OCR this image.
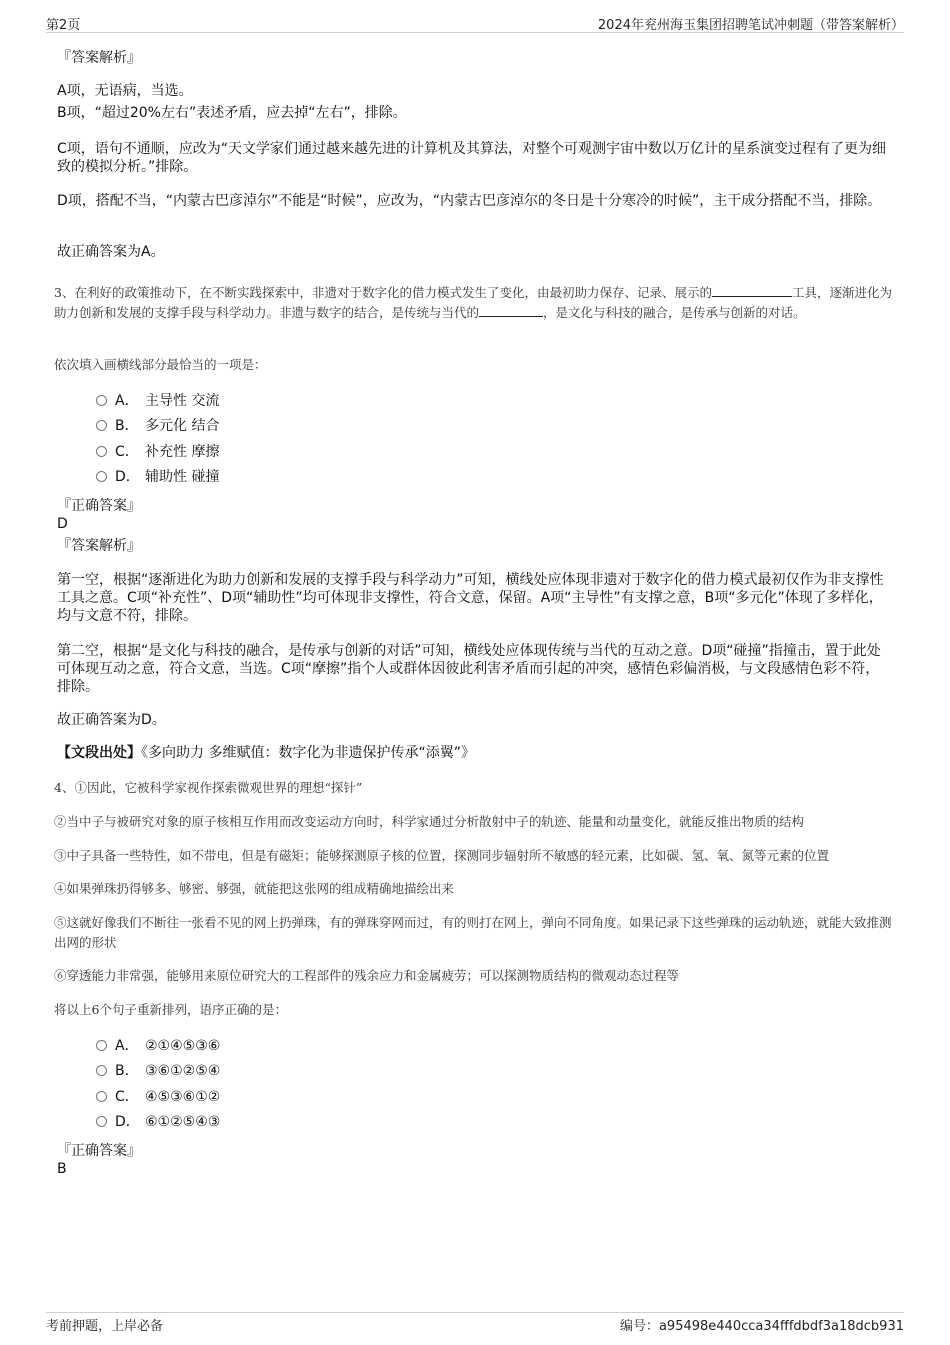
第2页	2024年兖州海玉集团招聘笔试冲刺题（带答案解析）
『答案解析』
A项，无语病，当选。
B项，“超过20%左右”表述矛盾，应去掉“左右”，排除。
C项，语句不通顺，应改为“天文学家们通过越来越先进的计算机及其算法，对整个可观测宇宙中数以万亿计的星系演变过程有了更为细致的模拟分析。”排除。
D项，搭配不当，“内蒙古巴彦淖尔”不能是“时候”，应改为，“内蒙古巴彦淖尔的冬日是十分寒冷的时候”，主干成分搭配不当，排除。
故正确答案为A。
3、在利好的政策推动下，在不断实践探索中，非遗对于数字化的借力模式发生了变化，由最初助力保存、记录、展示的	工具，逐渐进化为助力创新和发展的支撑手段与科学动力。非遗与数字的结合，是传统与当代的	，是文化与科技的融合，是传承与创新的对话。
依次填入画横线部分最恰当的一项是：
A． 主导性 交流
B． 多元化 结合
C． 补充性 摩擦
D． 辅助性 碰撞
『正确答案』
D
『答案解析』
第一空，根据“逐渐进化为助力创新和发展的支撑手段与科学动力”可知，横线处应体现非遗对于数字化的借力模式最初仅作为非支撑性工具之意。C项“补充性”、D项“辅助性”均可体现非支撑性，符合文意，保留。A项“主导性”有支撑之意，B项“多元化”体现了多样化，均与文意不符，排除。
第二空，根据“是文化与科技的融合，是传承与创新的对话”可知，横线处应体现传统与当代的互动之意。D项“碰撞”指撞击，置于此处可体现互动之意，符合文意，当选。C项“摩擦”指个人或群体因彼此利害矛盾而引起的冲突，感情色彩偏消极，与文段感情色彩不符，排除。
故正确答案为D。
【文段出处】《多向助力 多维赋值：数字化为非遗保护传承“添翼”》
4、①因此，它被科学家视作探索微观世界的理想“探针”
②当中子与被研究对象的原子核相互作用而改变运动方向时，科学家通过分析散射中子的轨迹、能量和动量变化，就能反推出物质的结构
③中子具备一些特性，如不带电，但是有磁矩；能够探测原子核的位置，探测同步辐射所不敏感的轻元素，比如碳、氢、氧、氮等元素的位置
④如果弹珠扔得够多、够密、够强，就能把这张网的组成精确地描绘出来
⑤这就好像我们不断往一张看不见的网上扔弹珠，有的弹珠穿网而过，有的则打在网上，弹向不同角度。如果记录下这些弹珠的运动轨迹，就能大致推测出网的形状
⑥穿透能力非常强，能够用来原位研究大的工程部件的残余应力和金属疲劳；可以探测物质结构的微观动态过程等
将以上6个句子重新排列，语序正确的是：
A． ②①④⑤③⑥
B． ③⑥①②⑤④
C． ④⑤③⑥①②
D． ⑥①②⑤④③
『正确答案』
B
考前押题，上岸必备	编号：a95498e440cca34fffdbdf3a18dcb931
